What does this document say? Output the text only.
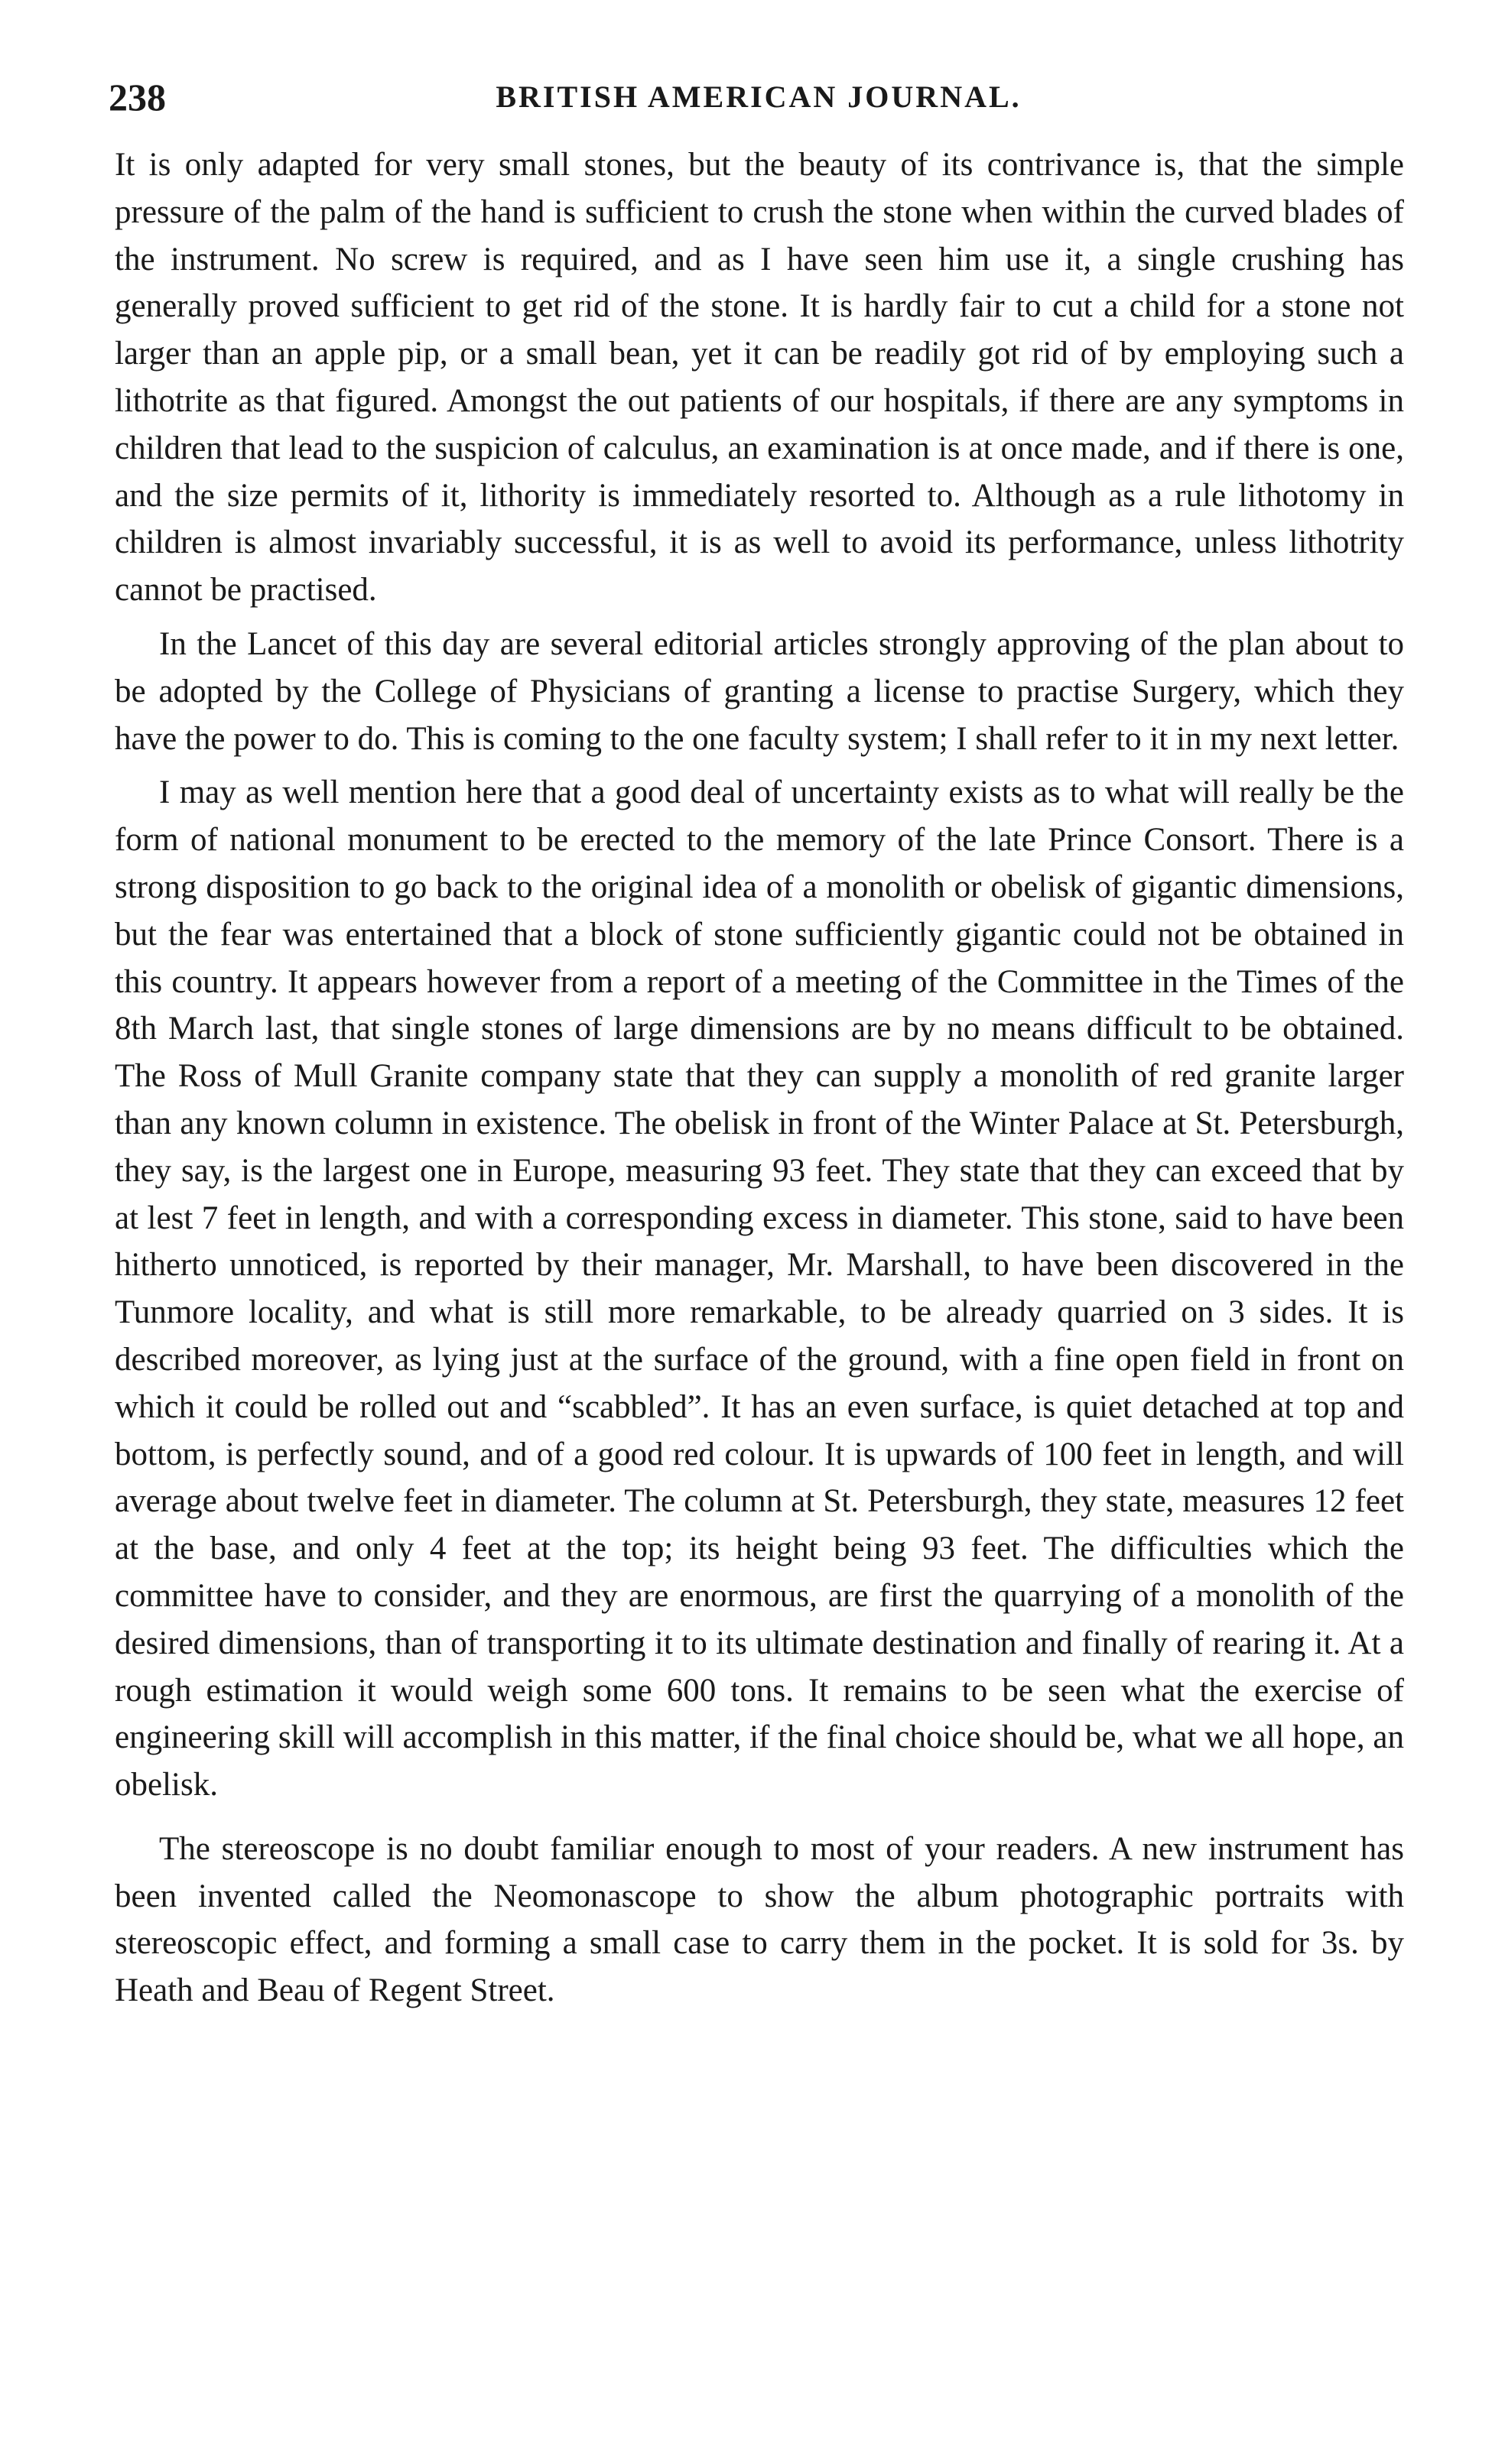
238	BRITISH AMERICAN JOURNAL.

It is only adapted for very small stones, but the beauty of its contrivance is, that the simple pressure of the palm of the hand is sufficient to crush the stone when within the curved blades of the instrument. No screw is required, and as I have seen him use it, a single crushing has generally proved sufficient to get rid of the stone. It is hardly fair to cut a child for a stone not larger than an apple pip, or a small bean, yet it can be readily got rid of by employing such a lithotrite as that figured. Amongst the out patients of our hospitals, if there are any symptoms in children that lead to the suspicion of calculus, an examination is at once made, and if there is one, and the size permits of it, lithority is immediately resorted to. Although as a rule lithotomy in children is almost invariably successful, it is as well to avoid its performance, unless lithotrity cannot be practised.

In the Lancet of this day are several editorial articles strongly approving of the plan about to be adopted by the College of Physicians of granting a license to practise Surgery, which they have the power to do. This is coming to the one faculty system; I shall refer to it in my next letter.

I may as well mention here that a good deal of uncertainty exists as to what will really be the form of national monument to be erected to the memory of the late Prince Consort. There is a strong disposition to go back to the original idea of a monolith or obelisk of gigantic dimensions, but the fear was entertained that a block of stone sufficiently gigantic could not be obtained in this country. It appears however from a report of a meeting of the Committee in the Times of the 8th March last, that single stones of large dimensions are by no means difficult to be obtained. The Ross of Mull Granite company state that they can supply a monolith of red granite larger than any known column in existence. The obelisk in front of the Winter Palace at St. Petersburgh, they say, is the largest one in Europe, measuring 93 feet. They state that they can exceed that by at lest 7 feet in length, and with a corresponding excess in diameter. This stone, said to have been hitherto unnoticed, is reported by their manager, Mr. Marshall, to have been discovered in the Tunmore locality, and what is still more remarkable, to be already quarried on 3 sides. It is described moreover, as lying just at the surface of the ground, with a fine open field in front on which it could be rolled out and “scabbled”. It has an even surface, is quiet detached at top and bottom, is perfectly sound, and of a good red colour. It is upwards of 100 feet in length, and will average about twelve feet in diameter. The column at St. Petersburgh, they state, measures 12 feet at the base, and only 4 feet at the top; its height being 93 feet. The difficulties which the committee have to consider, and they are enormous, are first the quarrying of a monolith of the desired dimensions, than of transporting it to its ultimate destination and finally of rearing it. At a rough estimation it would weigh some 600 tons. It remains to be seen what the exercise of engineering skill will accomplish in this matter, if the final choice should be, what we all hope, an obelisk.

The stereoscope is no doubt familiar enough to most of your readers. A new instrument has been invented called the Neomonascope to show the album photographic portraits with stereoscopic effect, and forming a small case to carry them in the pocket. It is sold for 3s. by Heath and Beau of Regent Street.
